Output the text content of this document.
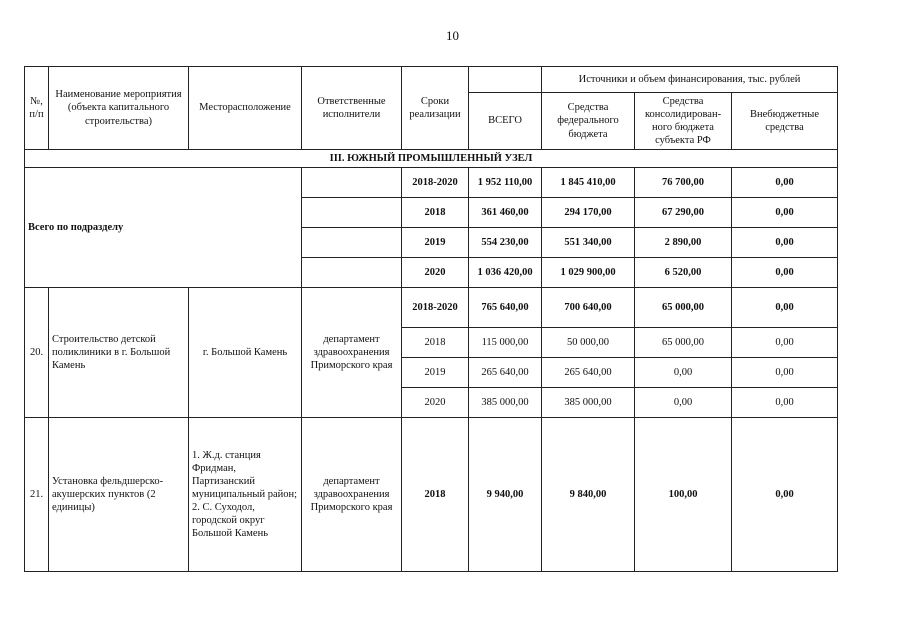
10
№, п/п	Наименование мероприятия (объекта капитального строительства)	Месторасположение	Ответственные исполнители	Сроки реализации		Источники и объем финансирования, тыс. рублей		
					ВСЕГО	Средства федерального бюджета	Средства консолидирован-ного бюджета субъекта РФ	Внебюджетные средства
III. ЮЖНЫЙ ПРОМЫШЛЕННЫЙ УЗЕЛ								
Всего по подразделу				2018-2020	1 952 110,00	1 845 410,00	76 700,00	0,00
				2018	361 460,00	294 170,00	67 290,00	0,00
				2019	554 230,00	551 340,00	2 890,00	0,00
				2020	1 036 420,00	1 029 900,00	6 520,00	0,00
20.	Строительство детской поликлиники в г. Большой Камень	г. Большой Камень	департамент здравоохранения Приморского края	2018-2020	765 640,00	700 640,00	65 000,00	0,00
				2018	115 000,00	50 000,00	65 000,00	0,00
				2019	265 640,00	265 640,00	0,00	0,00
				2020	385 000,00	385 000,00	0,00	0,00
21.	Установка фельдшерско-акушерских пунктов (2 единицы)	1. Ж.д. станция Фридман, Партизанский муниципальный район; 2. С. Суходол, городской округ Большой Камень	департамент здравоохранения Приморского края	2018	9 940,00	9 840,00	100,00	0,00
